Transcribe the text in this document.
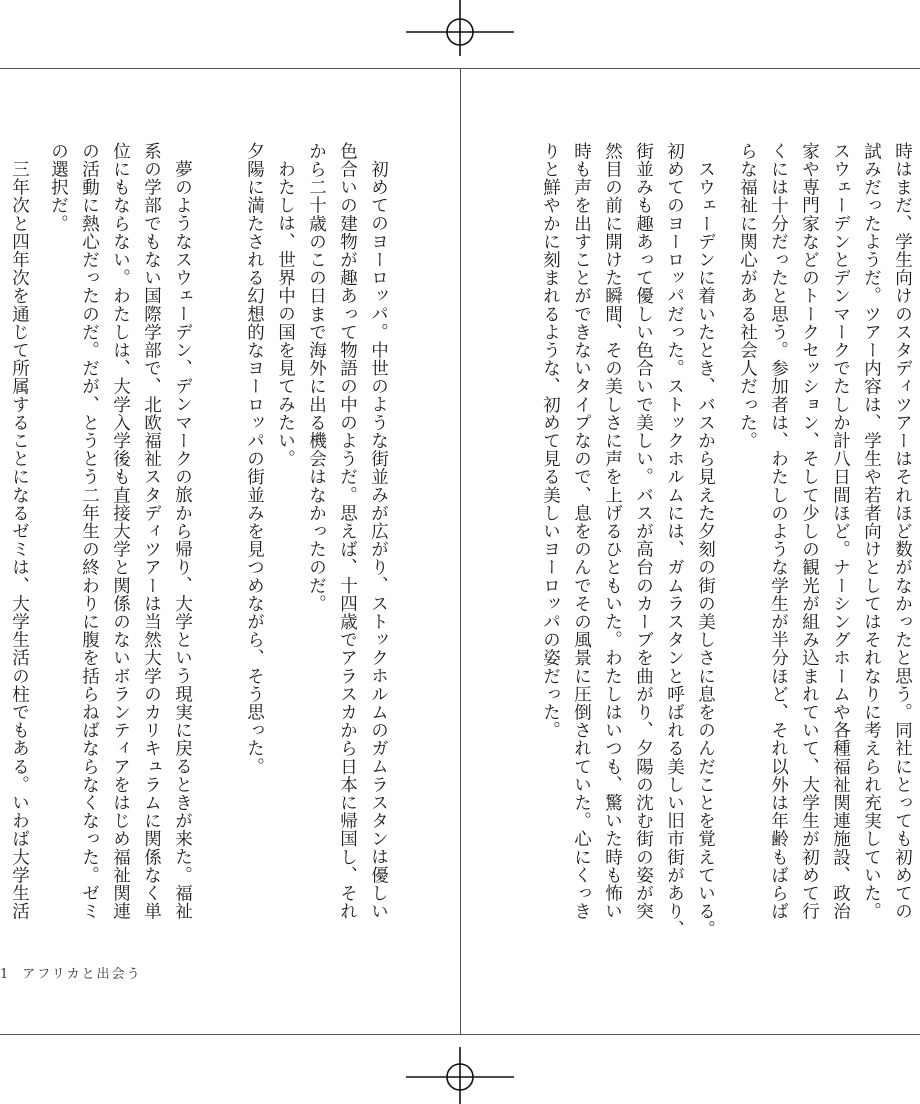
時はまだ、学生向けのスタディツアーはそれほど数がなかったと思う。同社にとっても初めての
試みだったようだ。ツアー内容は、学生や若者向けとしてはそれなりに考えられ充実していた。
スウェーデンとデンマークでたしか計八日間ほど。ナーシングホームや各種福祉関連施設、政治
家や専門家などのトークセッション、そして少しの観光が組み込まれていて、大学生が初めて行
くには十分だったと思う。参加者は、わたしのような学生が半分ほど、それ以外は年齢もばらば
らな福祉に関心がある社会人だった。
　スウェーデンに着いたとき、バスから見えた夕刻の街の美しさに息をのんだことを覚えている。
初めてのヨーロッパだった。ストックホルムには、ガムラスタンと呼ばれる美しい旧市街があり、
街並みも趣あって優しい色合いで美しい。バスが高台のカーブを曲がり、夕陽の沈む街の姿が突
然目の前に開けた瞬間、その美しさに声を上げるひともいた。わたしはいつも、驚いた時も怖い
時も声を出すことができないタイプなので、息をのんでその風景に圧倒されていた。心にくっき
りと鮮やかに刻まれるような、初めて見る美しいヨーロッパの姿だった。
初めてのヨーロッパ。中世のような街並みが広がり、ストックホルムのガムラスタンは優しい
色合いの建物が趣あって物語の中のようだ。思えば、十四歳でアラスカから日本に帰国し、それ
から二十歳のこの日まで海外に出る機会はなかったのだ。
わたしは、世界中の国を見てみたい。
夕陽に満たされる幻想的なヨーロッパの街並みを見つめながら、そう思った。
夢のようなスウェーデン、デンマークの旅から帰り、大学という現実に戻るときが来た。福祉
系の学部でもない国際学部で、北欧福祉スタディツアーは当然大学のカリキュラムに関係なく単
位にもならない。わたしは、大学入学後も直接大学と関係のないボランティアをはじめ福祉関連
の活動に熱心だったのだ。だが、とうとう二年生の終わりに腹を括らねばならなくなった。ゼミ
の選択だ。
　三年次と四年次を通じて所属することになるゼミは、大学生活の柱でもある。いわば大学生活
1 アフリカと出会う
